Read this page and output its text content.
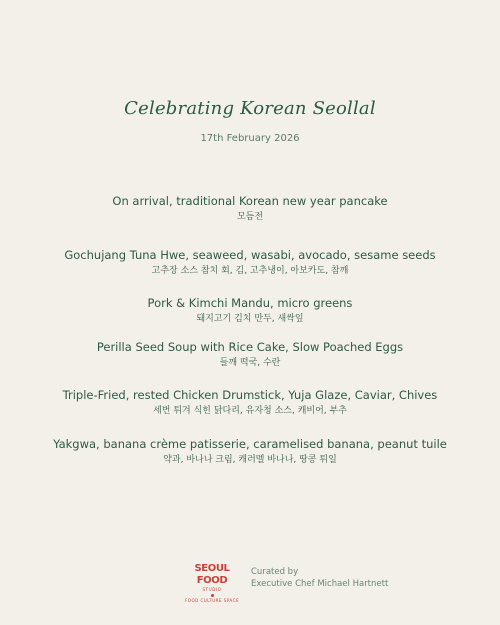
Celebrating Korean Seollal
17th February 2026
On arrival, traditional Korean new year pancake
모듬전
Gochujang Tuna Hwe, seaweed, wasabi, avocado, sesame seeds
고추장 소스 참치 회, 김, 고추냉이, 아보카도, 참깨
Pork & Kimchi Mandu, micro greens
돼지고기 김치 만두, 새싹잎
Perilla Seed Soup with Rice Cake, Slow Poached Eggs
들깨 떡국, 수란
Triple-Fried, rested Chicken Drumstick, Yuja Glaze, Caviar, Chives
세번 튀겨 식힌 닭다리, 유자청 소스, 캐비어, 부추
Yakgwa, banana crème patisserie, caramelised banana, peanut tuile
약과, 바나나 크림, 캐러멜 바나나, 땅콩 튀일
SEOUL FOOD
STUDIO
FOOD CULTURE SPACE
Curated by
Executive Chef Michael Hartnett
